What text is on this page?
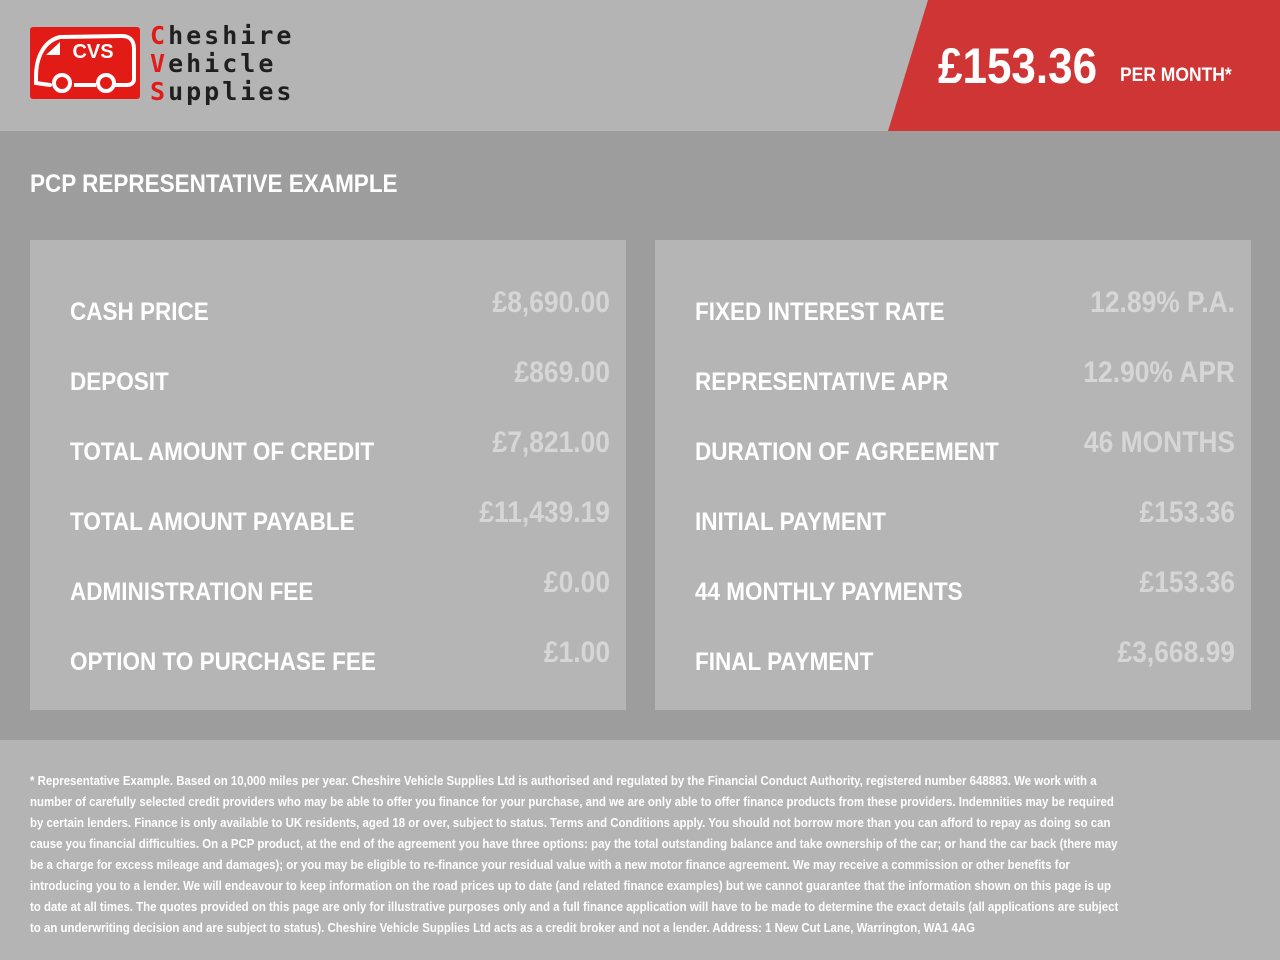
CVS
Cheshire
Vehicle
Supplies	£153.36 PER MONTH*
PCP REPRESENTATIVE EXAMPLE
CASH PRICE	£8,690.00
DEPOSIT	£869.00
TOTAL AMOUNT OF CREDIT	£7,821.00
TOTAL AMOUNT PAYABLE	£11,439.19
ADMINISTRATION FEE	£0.00
OPTION TO PURCHASE FEE	£1.00
FIXED INTEREST RATE	12.89% P.A.
REPRESENTATIVE APR	12.90% APR
DURATION OF AGREEMENT	46 MONTHS
INITIAL PAYMENT	£153.36
44 MONTHLY PAYMENTS	£153.36
FINAL PAYMENT	£3,668.99
* Representative Example. Based on 10,000 miles per year. Cheshire Vehicle Supplies Ltd is authorised and regulated by the Financial Conduct Authority, registered number 648883. We work with a number of carefully selected credit providers who may be able to offer you finance for your purchase, and we are only able to offer finance products from these providers. Indemnities may be required by certain lenders. Finance is only available to UK residents, aged 18 or over, subject to status. Terms and Conditions apply. You should not borrow more than you can afford to repay as doing so can cause you financial difficulties. On a PCP product, at the end of the agreement you have three options: pay the total outstanding balance and take ownership of the car; or hand the car back (there may be a charge for excess mileage and damages); or you may be eligible to re-finance your residual value with a new motor finance agreement. We may receive a commission or other benefits for introducing you to a lender. We will endeavour to keep information on the road prices up to date (and related finance examples) but we cannot guarantee that the information shown on this page is up to date at all times. The quotes provided on this page are only for illustrative purposes only and a full finance application will have to be made to determine the exact details (all applications are subject to an underwriting decision and are subject to status). Cheshire Vehicle Supplies Ltd acts as a credit broker and not a lender. Address: 1 New Cut Lane, Warrington, WA1 4AG
